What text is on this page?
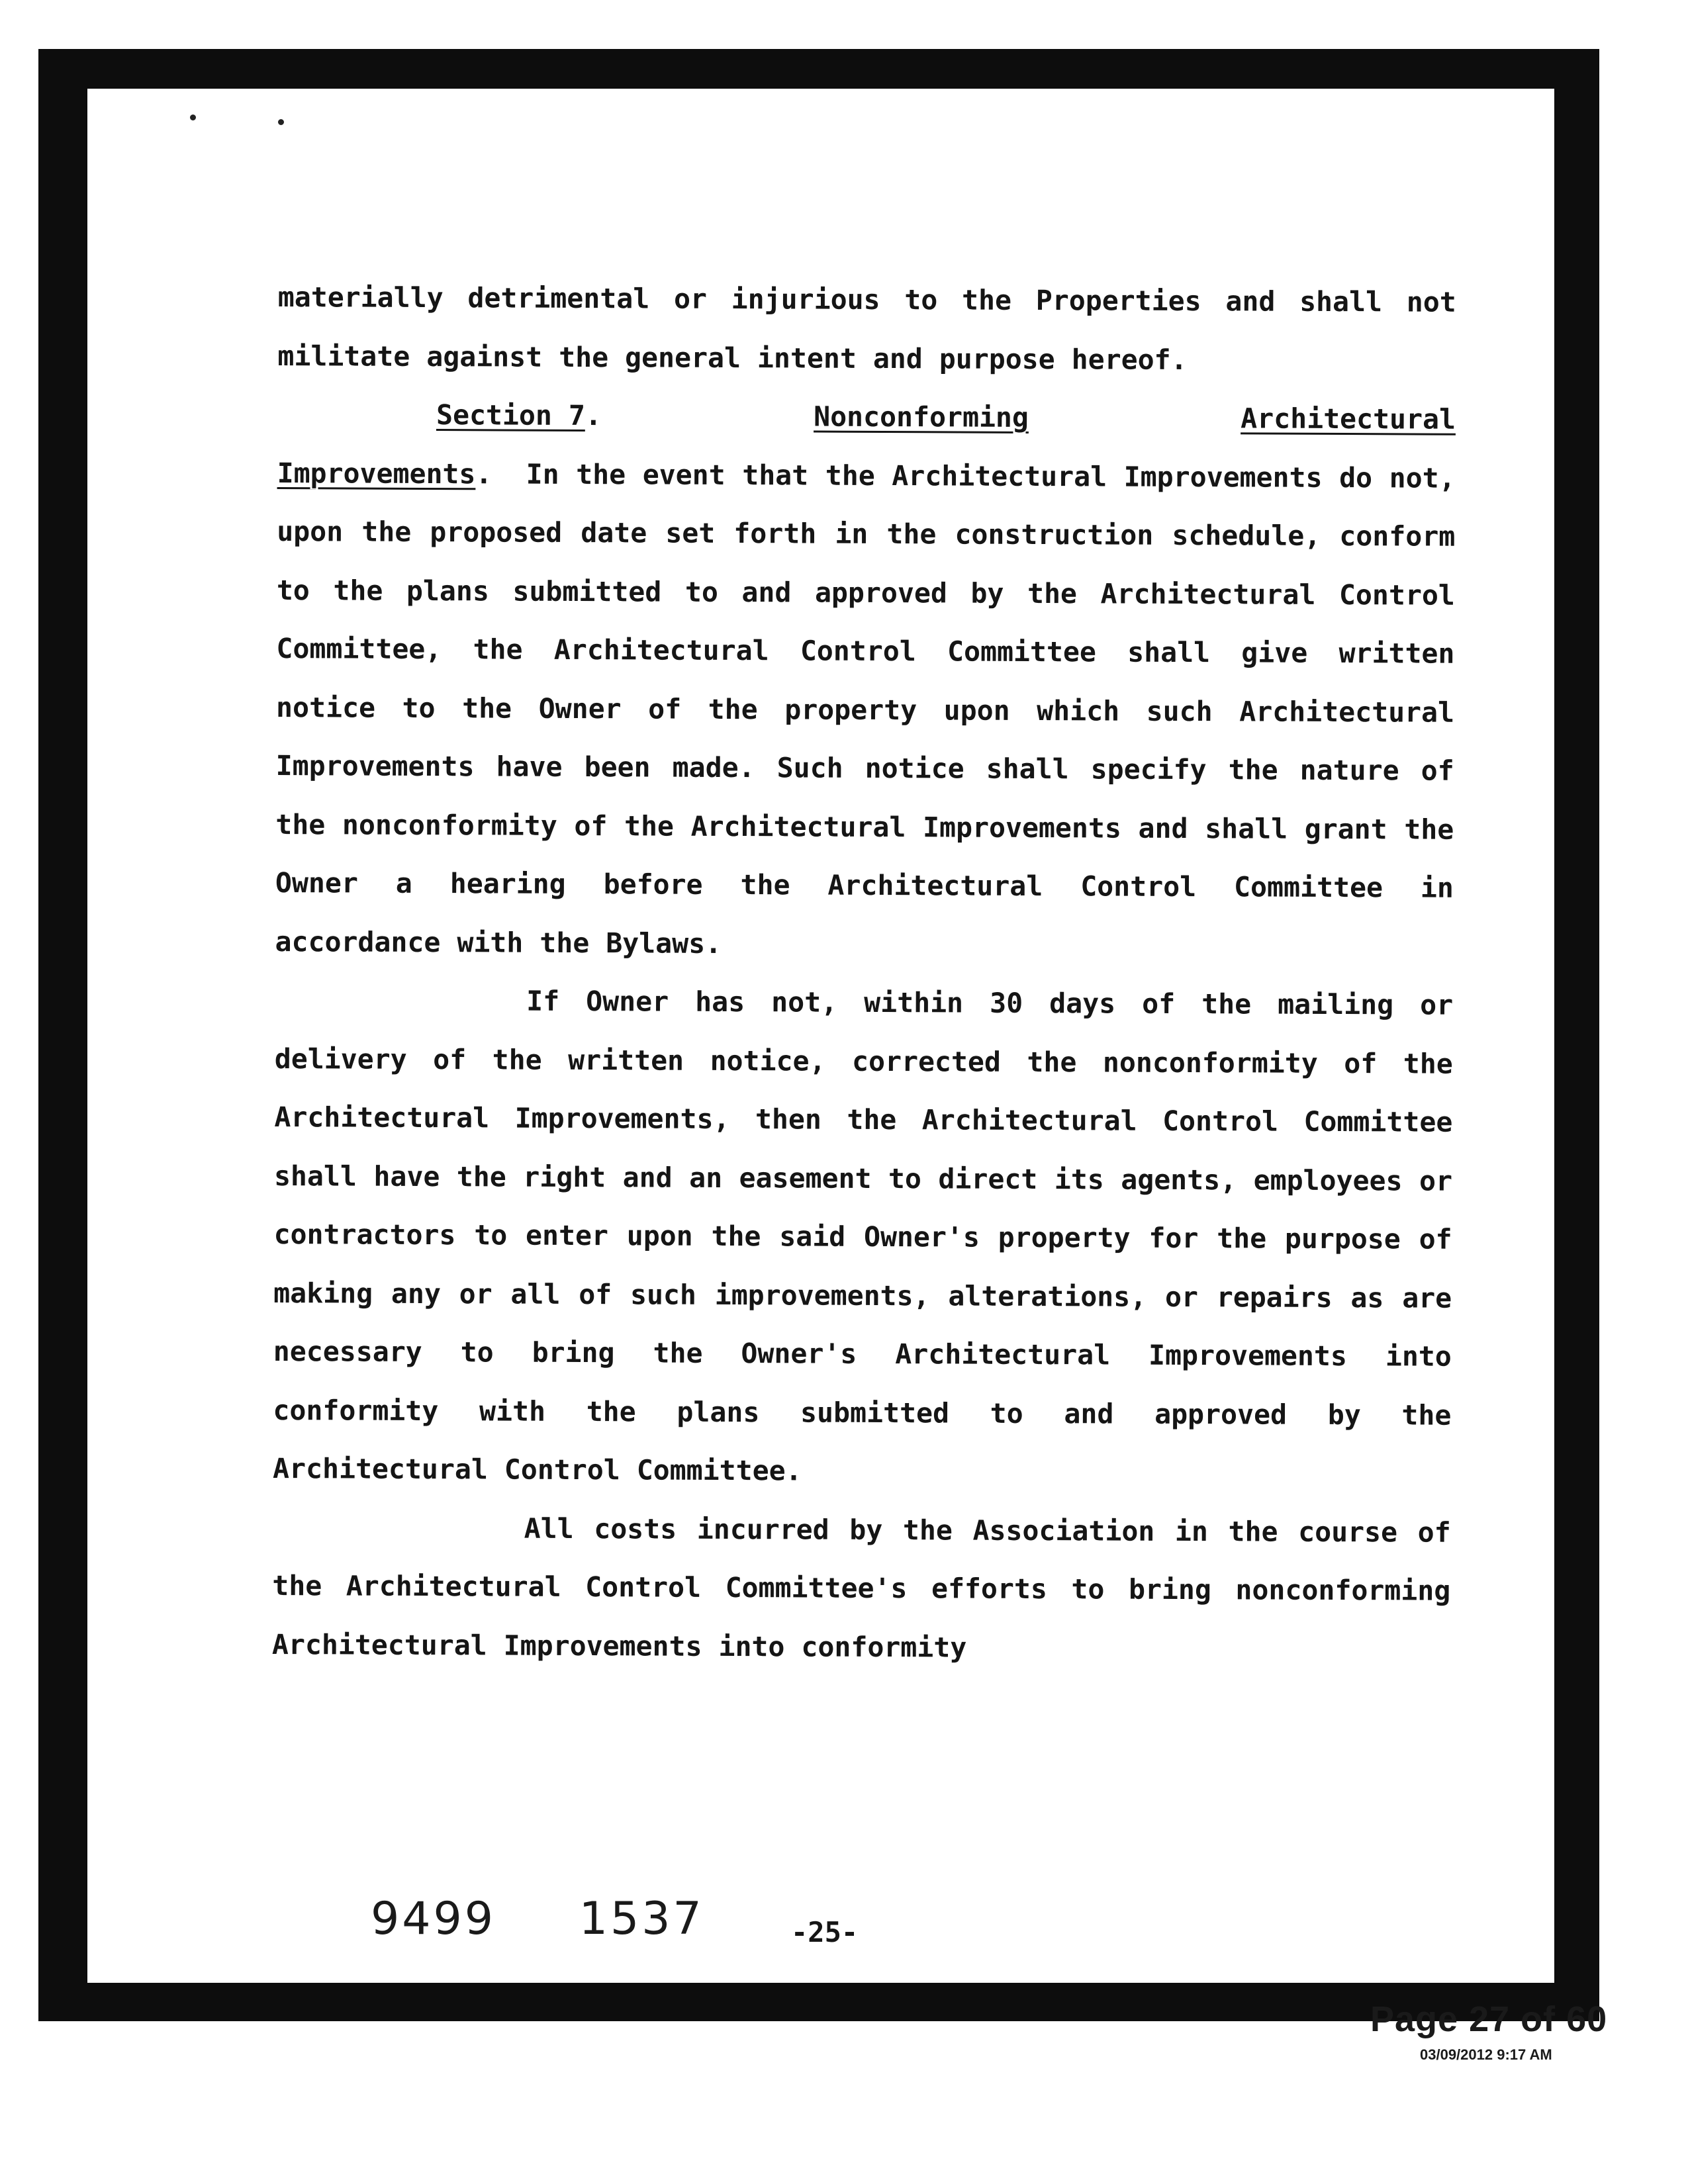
materially detrimental or injurious to the Properties and shall not militate against the general intent and purpose hereof.

Section 7.	Nonconforming	Architectural

Improvements. In the event that the Architectural Improvements do not, upon the proposed date set forth in the construction schedule, conform to the plans submitted to and approved by the Architectural Control Committee, the Architectural Control Committee shall give written notice to the Owner of the property upon which such Architectural Improvements have been made. Such notice shall specify the nature of the nonconformity of the Architectural Improvements and shall grant the Owner a hearing before the Architectural Control Committee in accordance with the Bylaws.

If Owner has not, within 30 days of the mailing or delivery of the written notice, corrected the nonconformity of the Architectural Improvements, then the Architectural Control Committee shall have the right and an easement to direct its agents, employees or contractors to enter upon the said Owner's property for the purpose of making any or all of such improvements, alterations, or repairs as are necessary to bring the Owner's Architectural Improvements into conformity with the plans submitted to and approved by the Architectural Control Committee.

All costs incurred by the Association in the course of the Architectural Control Committee's efforts to bring nonconforming Architectural Improvements into conformity

9499 1537	-25-
Page 27 of 60
03/09/2012 9:17 AM
